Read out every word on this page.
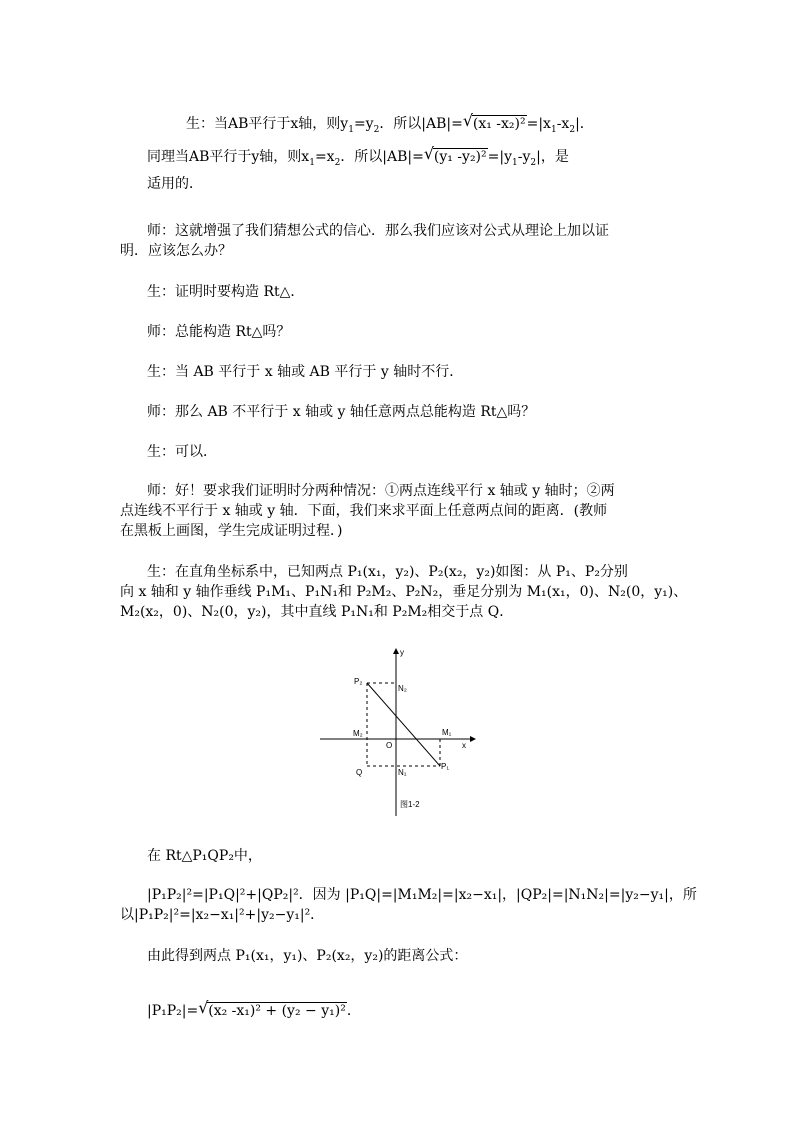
生：当AB平行于x轴，则$y_1=y_2$．所以|AB|= √ (x₁ $-x_2)^2=|x_1-x_2|$．
同理当AB平行于y轴，则$x_1=x_2$．所以|AB|= √ (y₁ $-y_2)^2=|y_1-y_2|$，是
适用的．
师：这就增强了我们猜想公式的信心．那么我们应该对公式从理论上加以证
明．应该怎么办？
生：证明时要构造 Rt△．
师：总能构造 Rt△吗？
生：当 AB 平行于 x 轴或 AB 平行于 y 轴时不行．
师：那么 AB 不平行于 x 轴或 y 轴任意两点总能构造 Rt△吗？
生：可以．
师：好！要求我们证明时分两种情况：①两点连线平行 x 轴或 y 轴时；②两
点连线不平行于 x 轴或 y 轴．下面，我们来求平面上任意两点间的距离．(教师
在黑板上画图，学生完成证明过程．)
生：在直角坐标系中，已知两点 P₁(x₁，y₂)、P₂(x₂，y₂)如图：从 P₁、P₂分别
向 x 轴和 y 轴作垂线 P₁M₁、P₁N₁和 P₂M₂、P₂N₂，垂足分别为 M₁(x₁，0)、N₂(0，y₁)、
M₂(x₂，0)、N₂(0，y₂)，其中直线 P₁N₁和 P₂M₂相交于点 Q．
y
x
P₂
N₂
M₂
O
M₁
Q	N₁
P₁
图1-2
在 Rt△P₁QP₂中，
|P₁P₂|²=|P₁Q|²+|QP₂|²．因为 |P₁Q|=|M₁M₂|=|x₂−x₁|，|QP₂|=|N₁N₂|=|y₂−y₁|，所
以|P₁P₂|²=|x₂−x₁|²+|y₂−y₁|²．
由此得到两点 P₁(x₁，y₁)、P₂(x₂，y₂)的距离公式：
|P₁P₂|= √ (x₂ -x₁)² + (y₂ − y₁)²．
